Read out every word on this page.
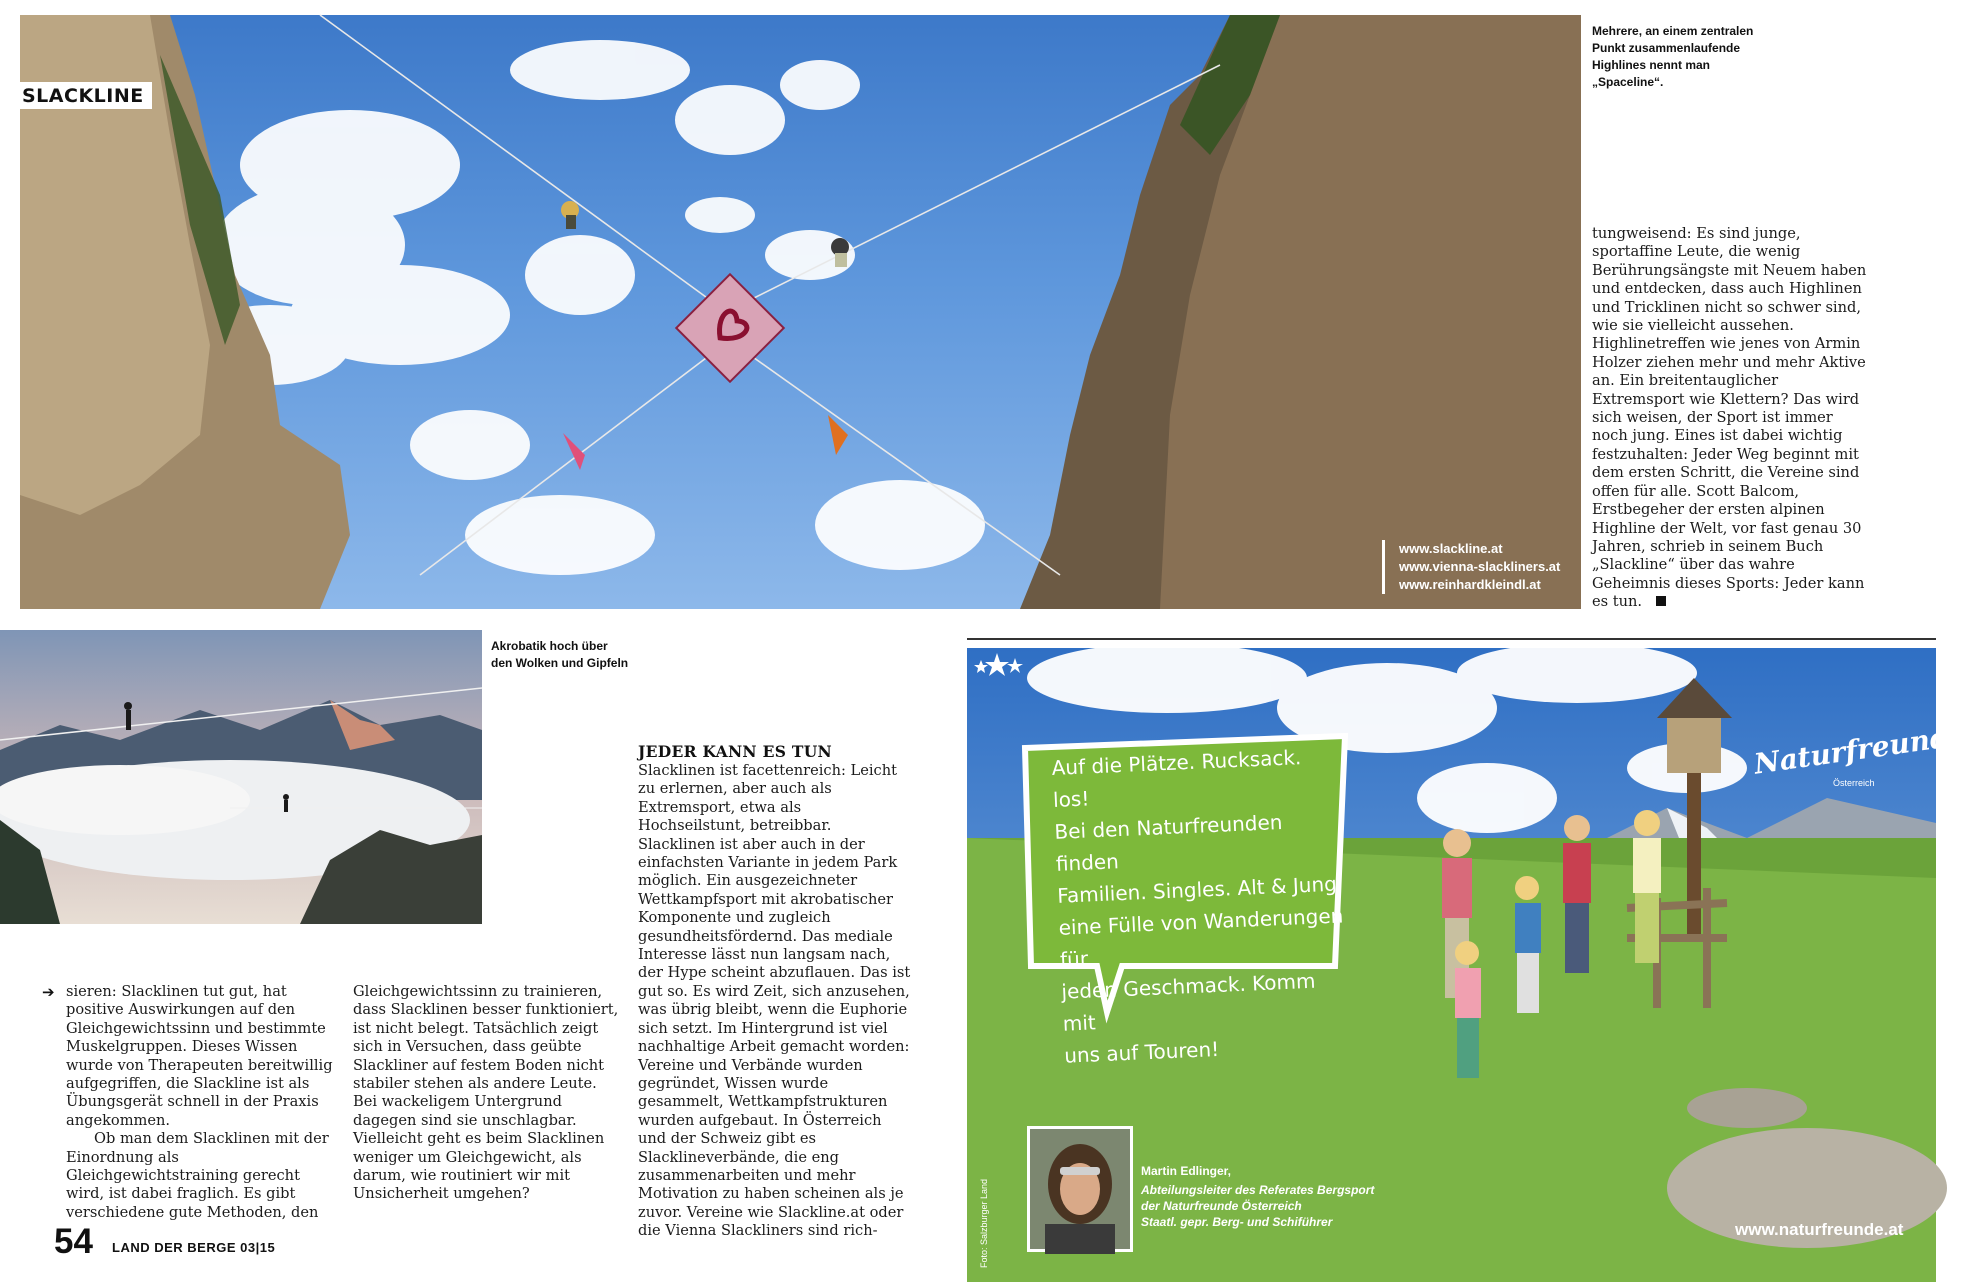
SLACKLINE
www.slackline.at
www.vienna-slackliners.at
www.reinhardkleindl.at
Mehrere, an einem zentralen Punkt zusammenlaufende Highlines nennt man „Spaceline“.

tungweisend: Es sind junge, sportaffine Leute, die wenig Berührungsängste mit Neuem haben und entdecken, dass auch Highlinen und Tricklinen nicht so schwer sind, wie sie vielleicht aussehen. Highlinetreffen wie jenes von Armin Holzer ziehen mehr und mehr Aktive an. Ein breitentauglicher Extremsport wie Klettern? Das wird sich weisen, der Sport ist immer noch jung. Eines ist dabei wichtig festzuhalten: Jeder Weg beginnt mit dem ersten Schritt, die Vereine sind offen für alle. Scott Balcom, Erstbegeher der ersten alpinen Highline der Welt, vor fast genau 30 Jahren, schrieb in seinem Buch „Slackline“ über das wahre Geheimnis dieses Sports: Jeder kann es tun.

Akrobatik hoch über den Wolken und Gipfeln
JEDER KANN ES TUN

Slacklinen ist facettenreich: Leicht zu erlernen, aber auch als Extremsport, etwa als Hochseilstunt, betreibbar. Slacklinen ist aber auch in der einfachsten Variante in jedem Park möglich. Ein ausgezeichneter Wettkampfsport mit akrobatischer Komponente und zugleich gesundheitsfördernd. Das mediale Interesse lässt nun langsam nach, der Hype scheint abzuflauen. Das ist gut so. Es wird Zeit, sich anzusehen, was übrig bleibt, wenn die Euphorie sich setzt. Im Hintergrund ist viel nachhaltige Arbeit gemacht worden: Vereine und Verbände wurden gegründet, Wissen wurde gesammelt, Wettkampfstrukturen wurden aufgebaut. In Österreich und der Schweiz gibt es Slacklineverbände, die eng zusammenarbeiten und mehr Motivation zu haben scheinen als je zuvor. Vereine wie Slackline.at oder die Vienna Slackliners sind rich-

➔ sieren: Slacklinen tut gut, hat positive Auswirkungen auf den Gleichgewichtssinn und bestimmte Muskelgruppen. Dieses Wissen wurde von Therapeuten bereitwillig aufgegriffen, die Slackline ist als Übungsgerät schnell in der Praxis angekommen.

Ob man dem Slacklinen mit der Einordnung als Gleichgewichtstraining gerecht wird, ist dabei fraglich. Es gibt verschiedene gute Methoden, den

Gleichgewichtssinn zu trainieren, dass Slacklinen besser funktioniert, ist nicht belegt. Tatsächlich zeigt sich in Versuchen, dass geübte Slackliner auf festem Boden nicht stabiler stehen als andere Leute. Bei wackeligem Untergrund dagegen sind sie unschlagbar. Vielleicht geht es beim Slacklinen weniger um Gleichgewicht, als darum, wie routiniert wir mit Unsicherheit umgehen?

54 LAND DER BERGE 03|15

Auf die Plätze. Rucksack. los!

Bei den Naturfreunden finden

Familien. Singles. Alt & Jung

eine Fülle von Wanderungen für

jeden Geschmack. Komm mit

uns auf Touren!

Naturfreunde
Österreich
Martin Edlinger,
Abteilungsleiter des Referates Bergsport
der Naturfreunde Österreich
Staatl. gepr. Berg- und Schiführer
Foto: Salzburger Land	www.naturfreunde.at
